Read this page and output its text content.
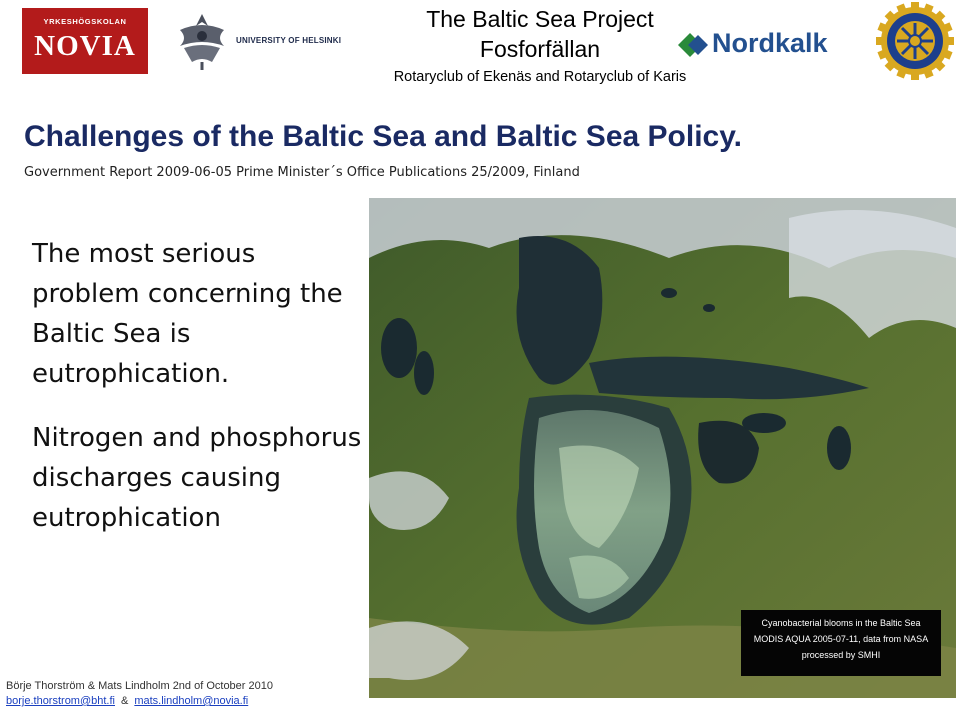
YRKESHÖGSKOLAN
NOVIA	UNIVERSITY OF HELSINKI	Nordkalk
The Baltic Sea Project
Fosforfällan
Rotaryclub of Ekenäs and Rotaryclub of Karis
Challenges of the Baltic Sea and Baltic Sea Policy.
Government Report 2009-06-05 Prime Minister´s Office Publications 25/2009, Finland
The most serious problem concerning the Baltic Sea is eutrophication.
Nitrogen and phosphorus discharges causing eutrophication
Cyanobacterial blooms in the Baltic Sea
MODIS AQUA 2005-07-11, data from NASA
processed by SMHI
Börje Thorström & Mats Lindholm 2nd of October 2010
borje.thorstrom@bht.fi & mats.lindholm@novia.fi
